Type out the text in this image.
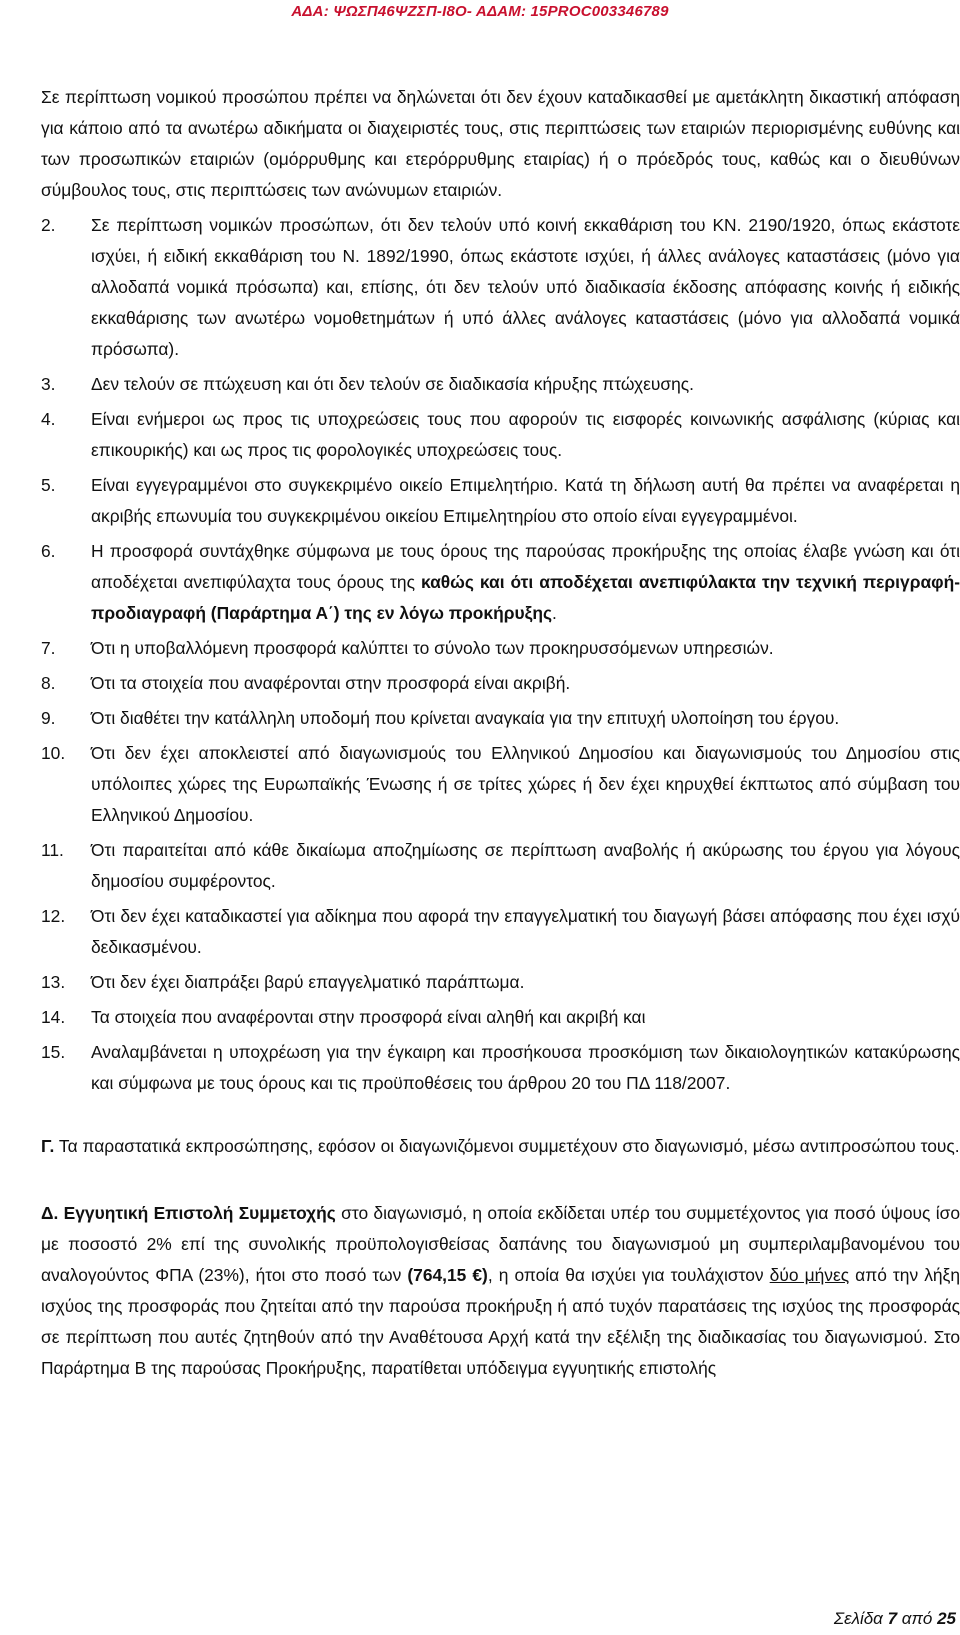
ΑΔΑ: ΨΩΣΠ46ΨΖΣΠ-Ι8Ο- ΑΔΑΜ: 15PROC003346789

Σε περίπτωση νομικού προσώπου πρέπει να δηλώνεται ότι δεν έχουν καταδικασθεί με αμετάκλητη δικαστική απόφαση για κάποιο από τα ανωτέρω αδικήματα οι διαχειριστές τους, στις περιπτώσεις των εταιριών περιορισμένης ευθύνης και των προσωπικών εταιριών (ομόρρυθμης και ετερόρρυθμης εταιρίας) ή ο πρόεδρός τους, καθώς και ο διευθύνων σύμβουλος τους, στις περιπτώσεις των ανώνυμων εταιριών.

2. Σε περίπτωση νομικών προσώπων, ότι δεν τελούν υπό κοινή εκκαθάριση του ΚΝ. 2190/1920, όπως εκάστοτε ισχύει, ή ειδική εκκαθάριση του Ν. 1892/1990, όπως εκάστοτε ισχύει, ή άλλες ανάλογες καταστάσεις (μόνο για αλλοδαπά νομικά πρόσωπα) και, επίσης, ότι δεν τελούν υπό διαδικασία έκδοσης απόφασης κοινής ή ειδικής εκκαθάρισης των ανωτέρω νομοθετημάτων ή υπό άλλες ανάλογες καταστάσεις (μόνο για αλλοδαπά νομικά πρόσωπα).
3. Δεν τελούν σε πτώχευση και ότι δεν τελούν σε διαδικασία κήρυξης πτώχευσης.
4. Είναι ενήμεροι ως προς τις υποχρεώσεις τους που αφορούν τις εισφορές κοινωνικής ασφάλισης (κύριας και επικουρικής) και ως προς τις φορολογικές υποχρεώσεις τους.
5. Είναι εγγεγραμμένοι στο συγκεκριμένο οικείο Επιμελητήριο. Κατά τη δήλωση αυτή θα πρέπει να αναφέρεται η ακριβής επωνυμία του συγκεκριμένου οικείου Επιμελητηρίου στο οποίο είναι εγγεγραμμένοι.
6. Η προσφορά συντάχθηκε σύμφωνα με τους όρους της παρούσας προκήρυξης της οποίας έλαβε γνώση και ότι αποδέχεται ανεπιφύλαχτα τους όρους της καθώς και ότι αποδέχεται ανεπιφύλακτα την τεχνική περιγραφή-προδιαγραφή (Παράρτημα Α΄) της εν λόγω προκήρυξης.
7. Ότι η υποβαλλόμενη προσφορά καλύπτει το σύνολο των προκηρυσσόμενων υπηρεσιών.
8. Ότι τα στοιχεία που αναφέρονται στην προσφορά είναι ακριβή.
9. Ότι διαθέτει την κατάλληλη υποδομή που κρίνεται αναγκαία για την επιτυχή υλοποίηση του έργου.
10. Ότι δεν έχει αποκλειστεί από διαγωνισμούς του Ελληνικού Δημοσίου και διαγωνισμούς του Δημοσίου στις υπόλοιπες χώρες της Ευρωπαϊκής Ένωσης ή σε τρίτες χώρες ή δεν έχει κηρυχθεί έκπτωτος από σύμβαση του Ελληνικού Δημοσίου.
11. Ότι παραιτείται από κάθε δικαίωμα αποζημίωσης σε περίπτωση αναβολής ή ακύρωσης του έργου για λόγους δημοσίου συμφέροντος.
12. Ότι δεν έχει καταδικαστεί για αδίκημα που αφορά την επαγγελματική του διαγωγή βάσει απόφασης που έχει ισχύ δεδικασμένου.
13. Ότι δεν έχει διαπράξει βαρύ επαγγελματικό παράπτωμα.
14. Τα στοιχεία που αναφέρονται στην προσφορά είναι αληθή και ακριβή και
15. Αναλαμβάνεται η υποχρέωση για την έγκαιρη και προσήκουσα προσκόμιση των δικαιολογητικών κατακύρωσης και σύμφωνα με τους όρους και τις προϋποθέσεις του άρθρου 20 του ΠΔ 118/2007.

Γ. Τα παραστατικά εκπροσώπησης, εφόσον οι διαγωνιζόμενοι συμμετέχουν στο διαγωνισμό, μέσω αντιπροσώπου τους.

Δ. Εγγυητική Επιστολή Συμμετοχής στο διαγωνισμό, η οποία εκδίδεται υπέρ του συμμετέχοντος για ποσό ύψους ίσο με ποσοστό 2% επί της συνολικής προϋπολογισθείσας δαπάνης του διαγωνισμού μη συμπεριλαμβανομένου του αναλογούντος ΦΠΑ (23%), ήτοι στο ποσό των (764,15 €), η οποία θα ισχύει για τουλάχιστον δύο μήνες από την λήξη ισχύος της προσφοράς που ζητείται από την παρούσα προκήρυξη ή από τυχόν παρατάσεις της ισχύος της προσφοράς σε περίπτωση που αυτές ζητηθούν από την Αναθέτουσα Αρχή κατά την εξέλιξη της διαδικασίας του διαγωνισμού. Στο Παράρτημα Β της παρούσας Προκήρυξης, παρατίθεται υπόδειγμα εγγυητικής επιστολής

Σελίδα 7 από 25
